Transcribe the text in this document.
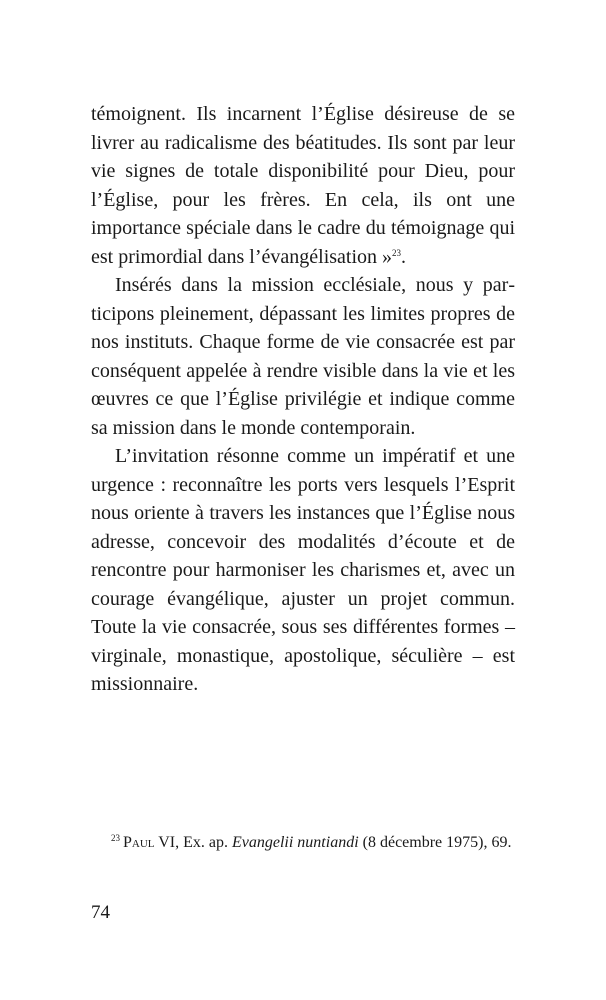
témoignent. Ils incarnent l’Église désireuse de se livrer au radicalisme des béatitudes. Ils sont par leur vie signes de totale disponibilité pour Dieu, pour l’Église, pour les frères. En cela, ils ont une importance spéciale dans le cadre du témoignage qui est primordial dans l’évangélisation »$^{23}$.

Insérés dans la mission ecclésiale, nous y participons pleinement, dépassant les limites propres de nos instituts. Chaque forme de vie consacrée est par conséquent appelée à rendre visible dans la vie et les œuvres ce que l’Église privilégie et indique comme sa mission dans le monde contemporain.

L’invitation résonne comme un impératif et une urgence : reconnaître les ports vers lesquels l’Esprit nous oriente à travers les instances que l’Église nous adresse, concevoir des modalités d’écoute et de rencontre pour harmoniser les charismes et, avec un courage évangélique, ajuster un projet commun. Toute la vie consacrée, sous ses différentes formes – virginale, monastique, apostolique, séculière – est missionnaire.

$^{23}$ Paul VI, Ex. ap. Evangelii nuntiandi (8 décembre 1975), 69.
74
